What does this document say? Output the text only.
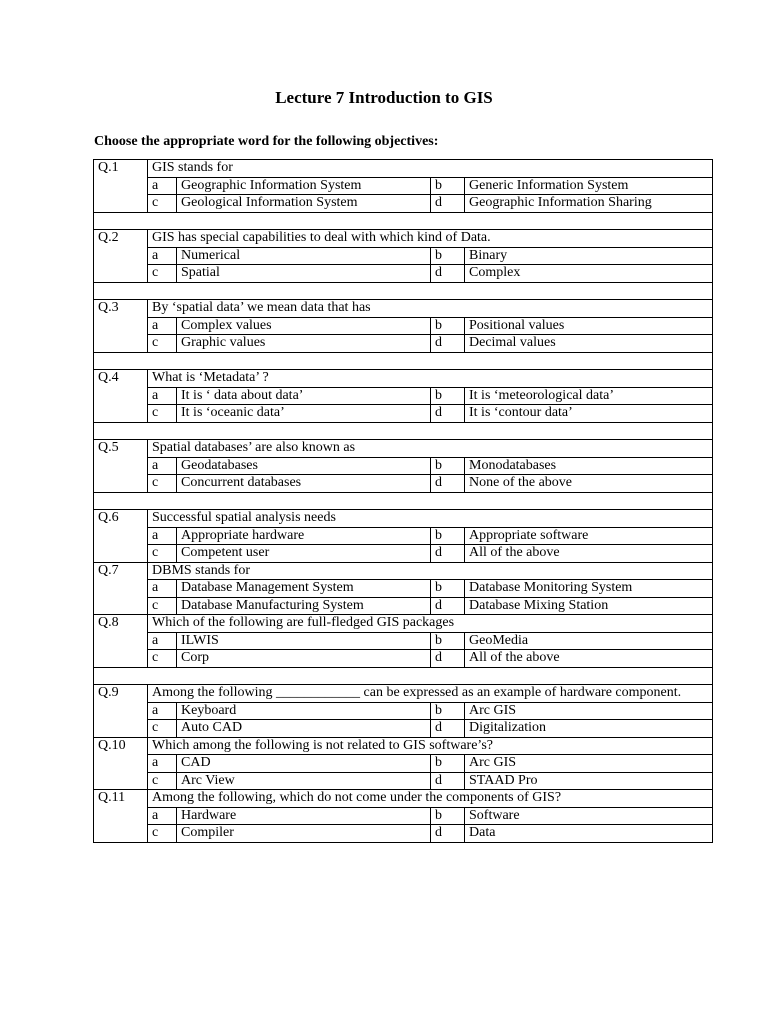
Lecture 7 Introduction to GIS
Choose the appropriate word for the following objectives:
Q.1	GIS stands for			
	a	Geographic Information System	b	Generic Information System
	c	Geological Information System	d	Geographic Information Sharing

Q.2	GIS has special capabilities to deal with which kind of Data.			
	a	Numerical	b	Binary
	c	Spatial	d	Complex

Q.3	By ‘spatial data’ we mean data that has			
	a	Complex values	b	Positional values
	c	Graphic values	d	Decimal values

Q.4	What is ‘Metadata’ ?			
	a	It is ‘ data about data’	b	It is ‘meteorological data’
	c	It is ‘oceanic data’	d	It is ‘contour data’

Q.5	Spatial databases’ are also known as			
	a	Geodatabases	b	Monodatabases
	c	Concurrent databases	d	None of the above

Q.6	Successful spatial analysis needs			
	a	Appropriate hardware	b	Appropriate software
	c	Competent user	d	All of the above
Q.7	DBMS stands for			
	a	Database Management System	b	Database Monitoring System
	c	Database Manufacturing System	d	Database Mixing Station
Q.8	Which of the following are full-fledged GIS packages			
	a	ILWIS	b	GeoMedia
	c	Corp	d	All of the above

Q.9	Among the following ____________ can be expressed as an example of hardware component.			
	a	Keyboard	b	Arc GIS
	c	Auto CAD	d	Digitalization
Q.10	Which among the following is not related to GIS software’s?			
	a	CAD	b	Arc GIS
	c	Arc View	d	STAAD Pro
Q.11	Among the following, which do not come under the components of GIS?			
	a	Hardware	b	Software
	c	Compiler	d	Data
